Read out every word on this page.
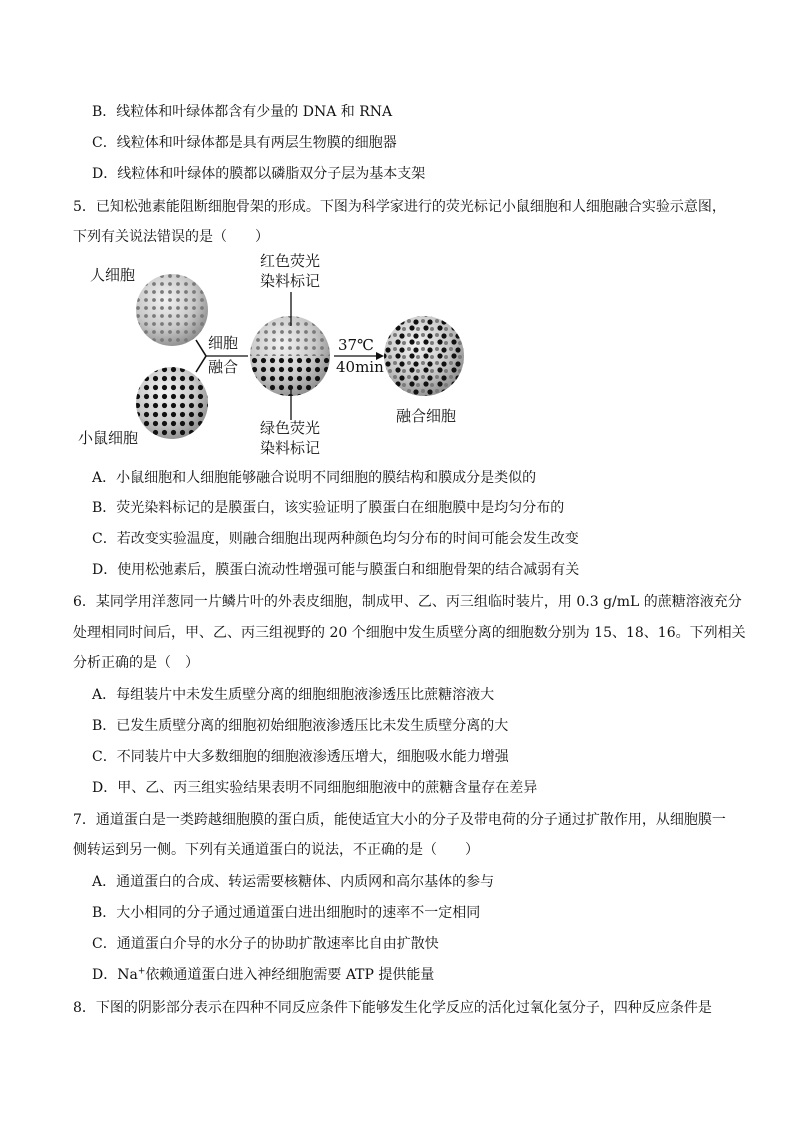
B．线粒体和叶绿体都含有少量的 DNA 和 RNA
C．线粒体和叶绿体都是具有两层生物膜的细胞器
D．线粒体和叶绿体的膜都以磷脂双分子层为基本支架
5．已知松弛素能阻断细胞骨架的形成。下图为科学家进行的荧光标记小鼠细胞和人细胞融合实验示意图，
下列有关说法错误的是（　　）
人细胞
小鼠细胞
细胞
融合
红色荧光
染料标记
绿色荧光
染料标记
37℃
40min
融合细胞
A．小鼠细胞和人细胞能够融合说明不同细胞的膜结构和膜成分是类似的
B．荧光染料标记的是膜蛋白，该实验证明了膜蛋白在细胞膜中是均匀分布的
C．若改变实验温度，则融合细胞出现两种颜色均匀分布的时间可能会发生改变
D．使用松弛素后，膜蛋白流动性增强可能与膜蛋白和细胞骨架的结合减弱有关
6．某同学用洋葱同一片鳞片叶的外表皮细胞，制成甲、乙、丙三组临时装片，用 0.3 g/mL 的蔗糖溶液充分
处理相同时间后，甲、乙、丙三组视野的 20 个细胞中发生质壁分离的细胞数分别为 15、18、16。下列相关
分析正确的是（　）
A．每组装片中未发生质壁分离的细胞细胞液渗透压比蔗糖溶液大
B．已发生质壁分离的细胞初始细胞液渗透压比未发生质壁分离的大
C．不同装片中大多数细胞的细胞液渗透压增大，细胞吸水能力增强
D．甲、乙、丙三组实验结果表明不同细胞细胞液中的蔗糖含量存在差异
7．通道蛋白是一类跨越细胞膜的蛋白质，能使适宜大小的分子及带电荷的分子通过扩散作用，从细胞膜一
侧转运到另一侧。下列有关通道蛋白的说法，不正确的是（　　）
A．通道蛋白的合成、转运需要核糖体、内质网和高尔基体的参与
B．大小相同的分子通过通道蛋白进出细胞时的速率不一定相同
C．通道蛋白介导的水分子的协助扩散速率比自由扩散快
D．Na+依赖通道蛋白进入神经细胞需要 ATP 提供能量
8．下图的阴影部分表示在四种不同反应条件下能够发生化学反应的活化过氧化氢分子，四种反应条件是
